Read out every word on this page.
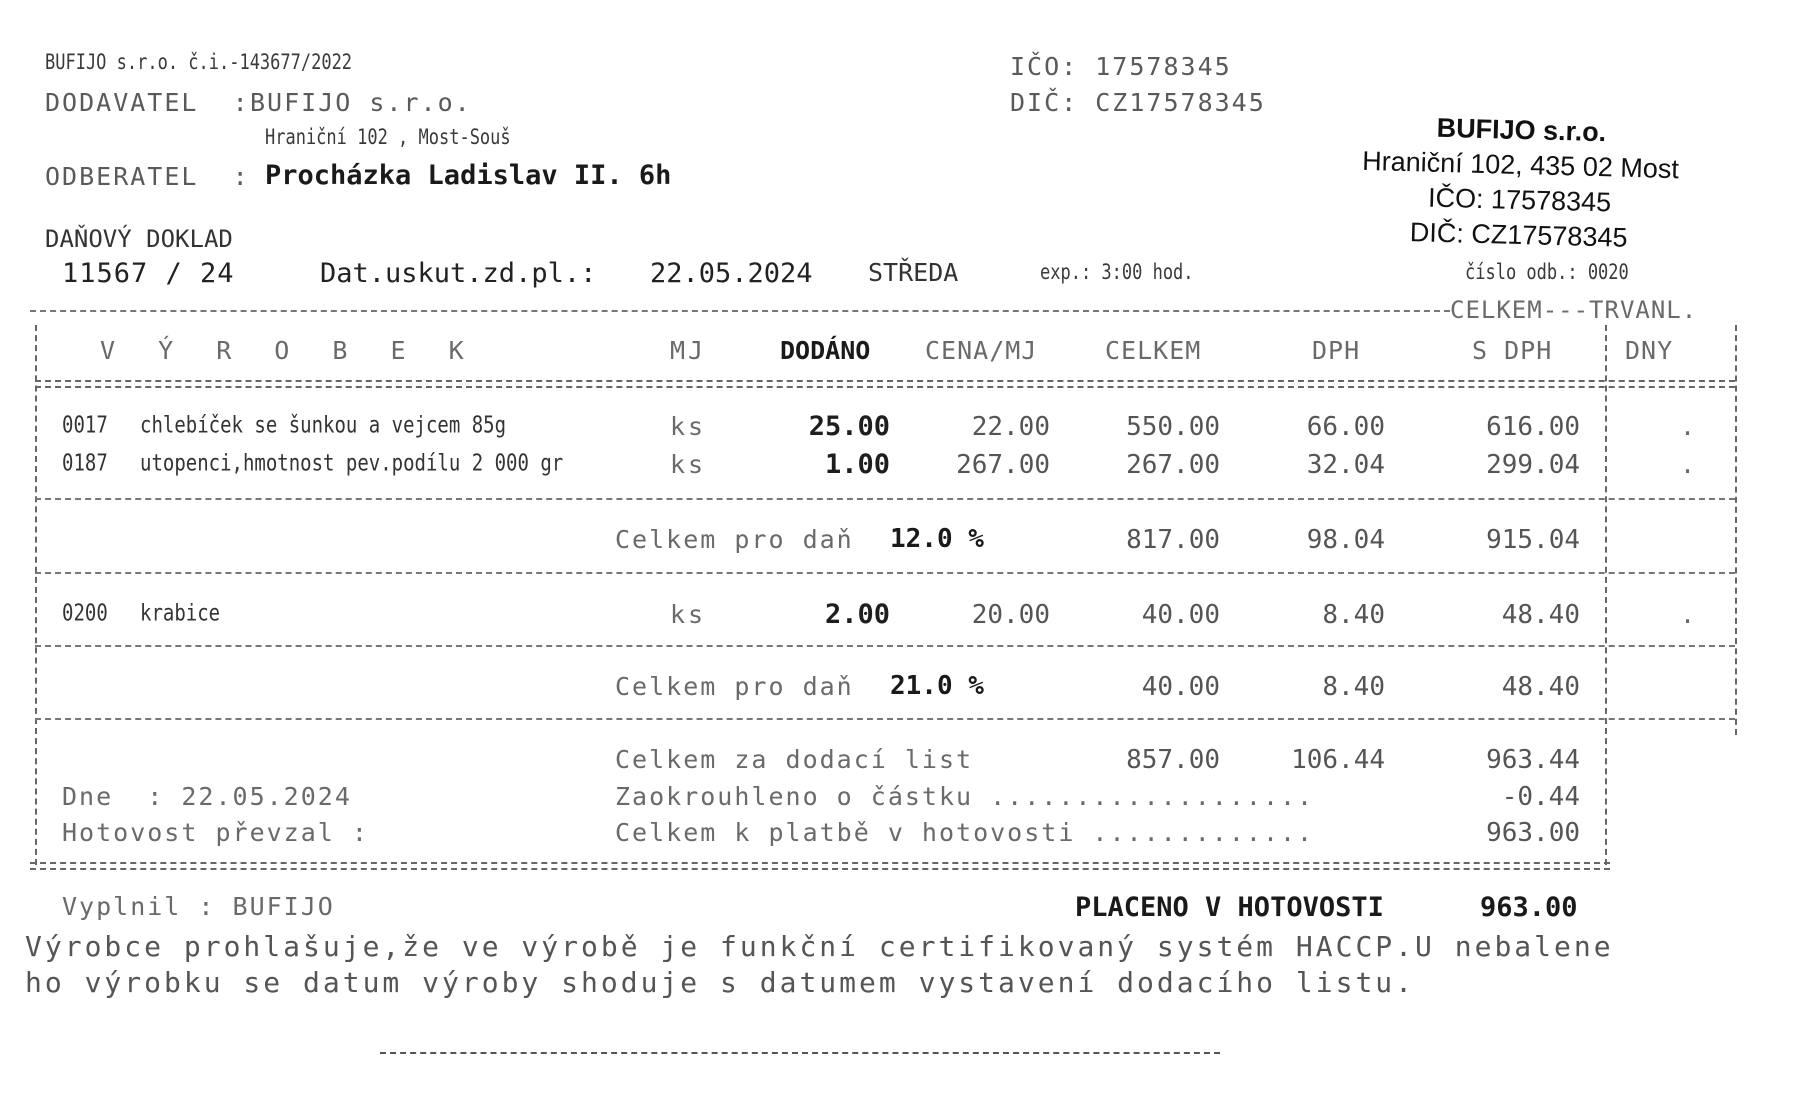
BUFIJO s.r.o. č.i.-143677/2022
DODAVATEL  : BUFIJO s.r.o.
Hraniční 102 , Most-Souš
ODBERATEL  : Procházka Ladislav II. 6h
IČO: 17578345
DIČ: CZ17578345
DAŇOVÝ DOKLAD
11567 / 24	Dat.uskut.zd.pl.: 22.05.2024 STŘEDA	exp.: 3:00 hod.	číslo odb.: 0020
BUFIJO s.r.o.
Hraniční 102, 435 02 Most
IČO: 17578345
DIČ: CZ17578345
CELKEM---TRVANL.
V Ý R O B E K	MJ	DODÁNO CENA/MJ	CELKEM	DPH	S DPH	DNY
0017 chlebíček se šunkou a vejcem 85g	ks	25.00	22.00	550.00	66.00	616.00	.
0187 utopenci,hmotnost pev.podílu 2 000 gr	ks	1.00	267.00	267.00	32.04	299.04	.
Celkem pro daň 12.0 %	817.00	98.04	915.04
0200 krabice	ks	2.00	20.00	40.00	8.40	48.40	.
Celkem pro daň 21.0 %	40.00	8.40	48.40
Celkem za dodací list	857.00	106.44	963.44
Dne  : 22.05.2024	Zaokrouhleno o částku ...................	-0.44
Hotovost převzal :	Celkem k platbě v hotovosti .............	963.00
Vyplnil : BUFIJO	PLACENO V HOTOVOSTI	963.00
Výrobce prohlašuje,že ve výrobě je funkční certifikovaný systém HACCP.U nebalene
ho výrobku se datum výroby shoduje s datumem vystavení dodacího listu.
